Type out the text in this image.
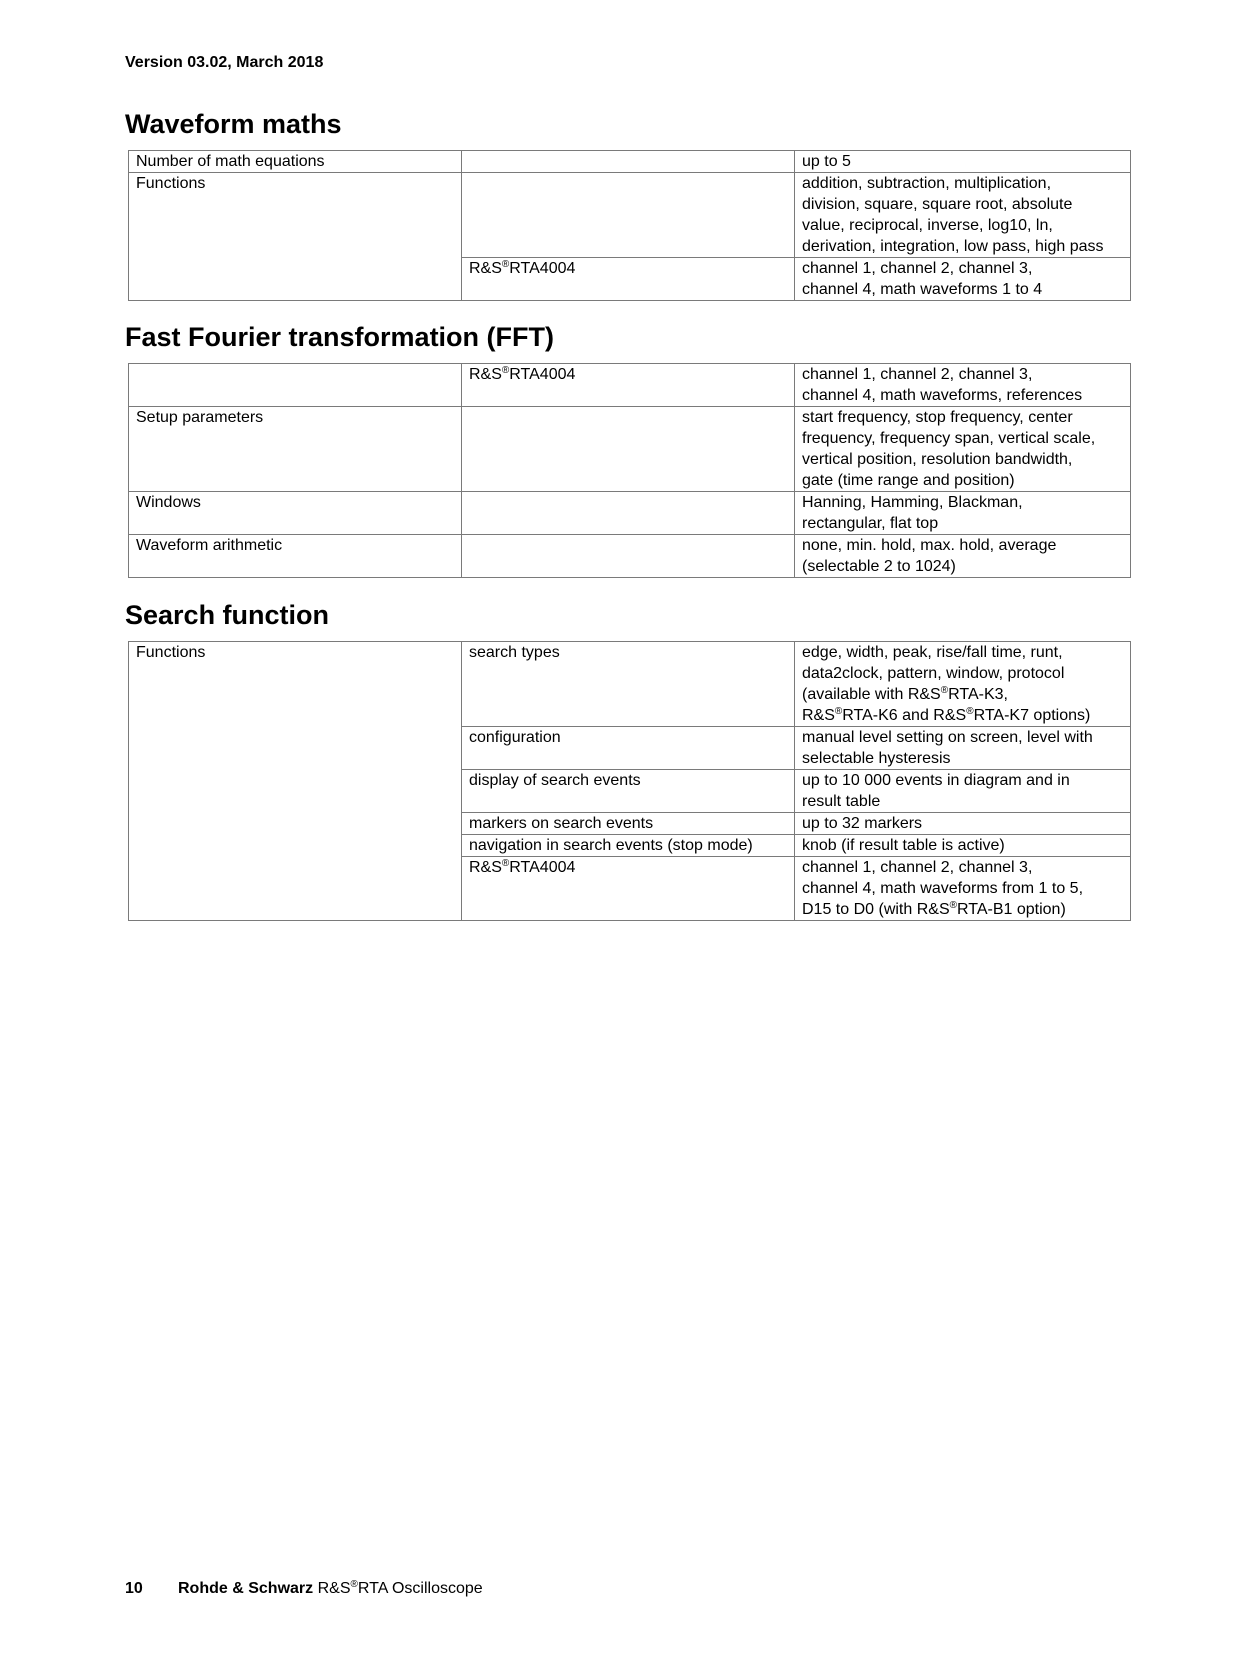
Version 03.02, March 2018
Waveform maths
Number of math equations		up to 5
Functions		addition, subtraction, multiplication,
division, square, square root, absolute
value, reciprocal, inverse, log10, ln,
derivation, integration, low pass, high pass
	R&S®RTA4004	channel 1, channel 2, channel 3,
channel 4, math waveforms 1 to 4
Fast Fourier transformation (FFT)
	R&S®RTA4004	channel 1, channel 2, channel 3,
channel 4, math waveforms, references
Setup parameters		start frequency, stop frequency, center
frequency, frequency span, vertical scale,
vertical position, resolution bandwidth,
gate (time range and position)
Windows		Hanning, Hamming, Blackman,
rectangular, flat top
Waveform arithmetic		none, min. hold, max. hold, average
(selectable 2 to 1024)
Search function
Functions	search types	edge, width, peak, rise/fall time, runt,
data2clock, pattern, window, protocol
(available with R&S®RTA-K3,
R&S®RTA-K6 and R&S®RTA-K7 options)
	configuration	manual level setting on screen, level with
selectable hysteresis
	display of search events	up to 10 000 events in diagram and in
result table
	markers on search events	up to 32 markers
	navigation in search events (stop mode)	knob (if result table is active)
	R&S®RTA4004	channel 1, channel 2, channel 3,
channel 4, math waveforms from 1 to 5,
D15 to D0 (with R&S®RTA-B1 option)
10 Rohde & Schwarz R&S®RTA Oscilloscope
